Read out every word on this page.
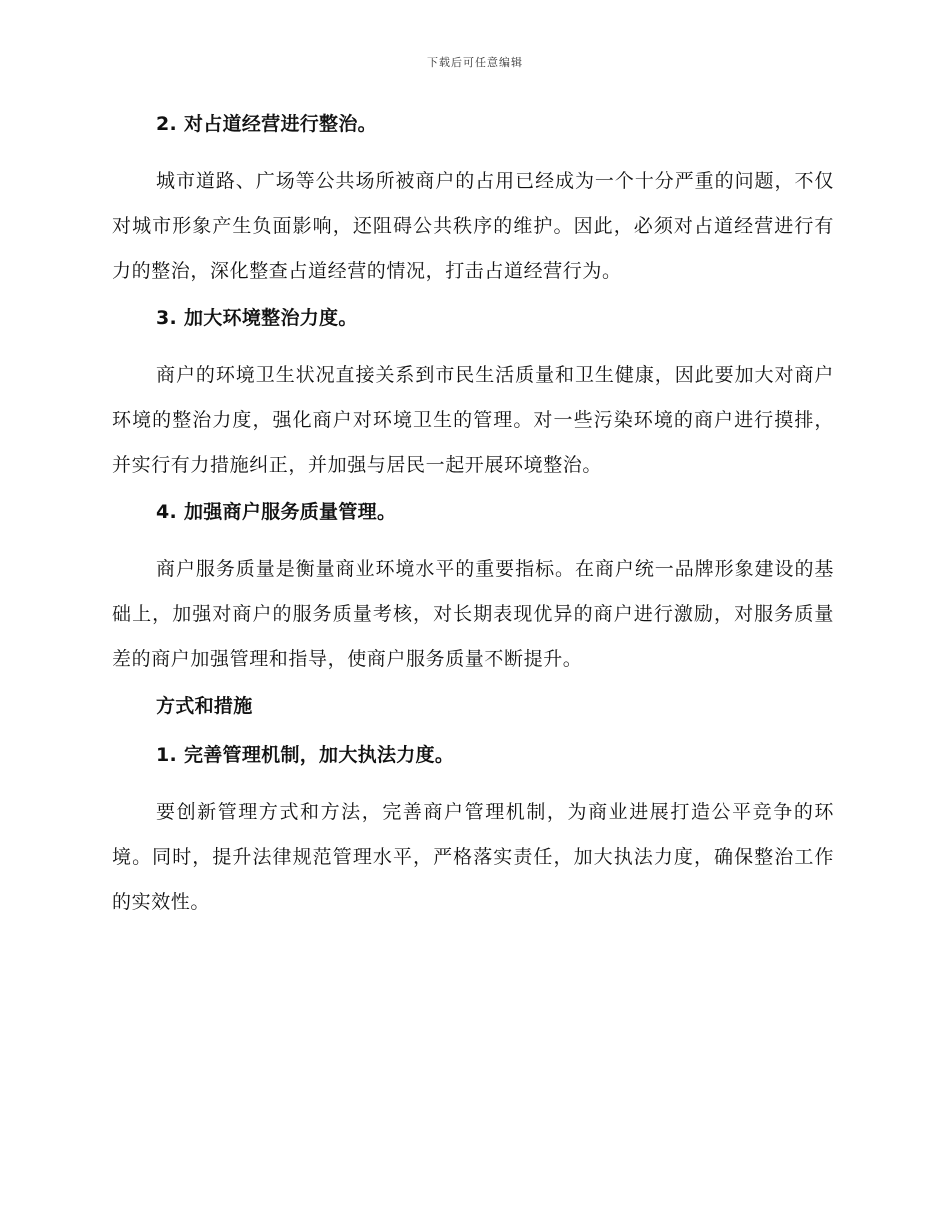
下载后可任意编辑
2. 对占道经营进行整治。

城市道路、广场等公共场所被商户的占用已经成为一个十分严重的问题，不仅对城市形象产生负面影响，还阻碍公共秩序的维护。因此，必须对占道经营进行有力的整治，深化整查占道经营的情况，打击占道经营行为。

3. 加大环境整治力度。

商户的环境卫生状况直接关系到市民生活质量和卫生健康，因此要加大对商户环境的整治力度，强化商户对环境卫生的管理。对一些污染环境的商户进行摸排，并实行有力措施纠正，并加强与居民一起开展环境整治。

4. 加强商户服务质量管理。

商户服务质量是衡量商业环境水平的重要指标。在商户统一品牌形象建设的基础上，加强对商户的服务质量考核，对长期表现优异的商户进行激励，对服务质量差的商户加强管理和指导，使商户服务质量不断提升。

方式和措施
1. 完善管理机制，加大执法力度。

要创新管理方式和方法，完善商户管理机制，为商业进展打造公平竞争的环境。同时，提升法律规范管理水平，严格落实责任，加大执法力度，确保整治工作的实效性。
